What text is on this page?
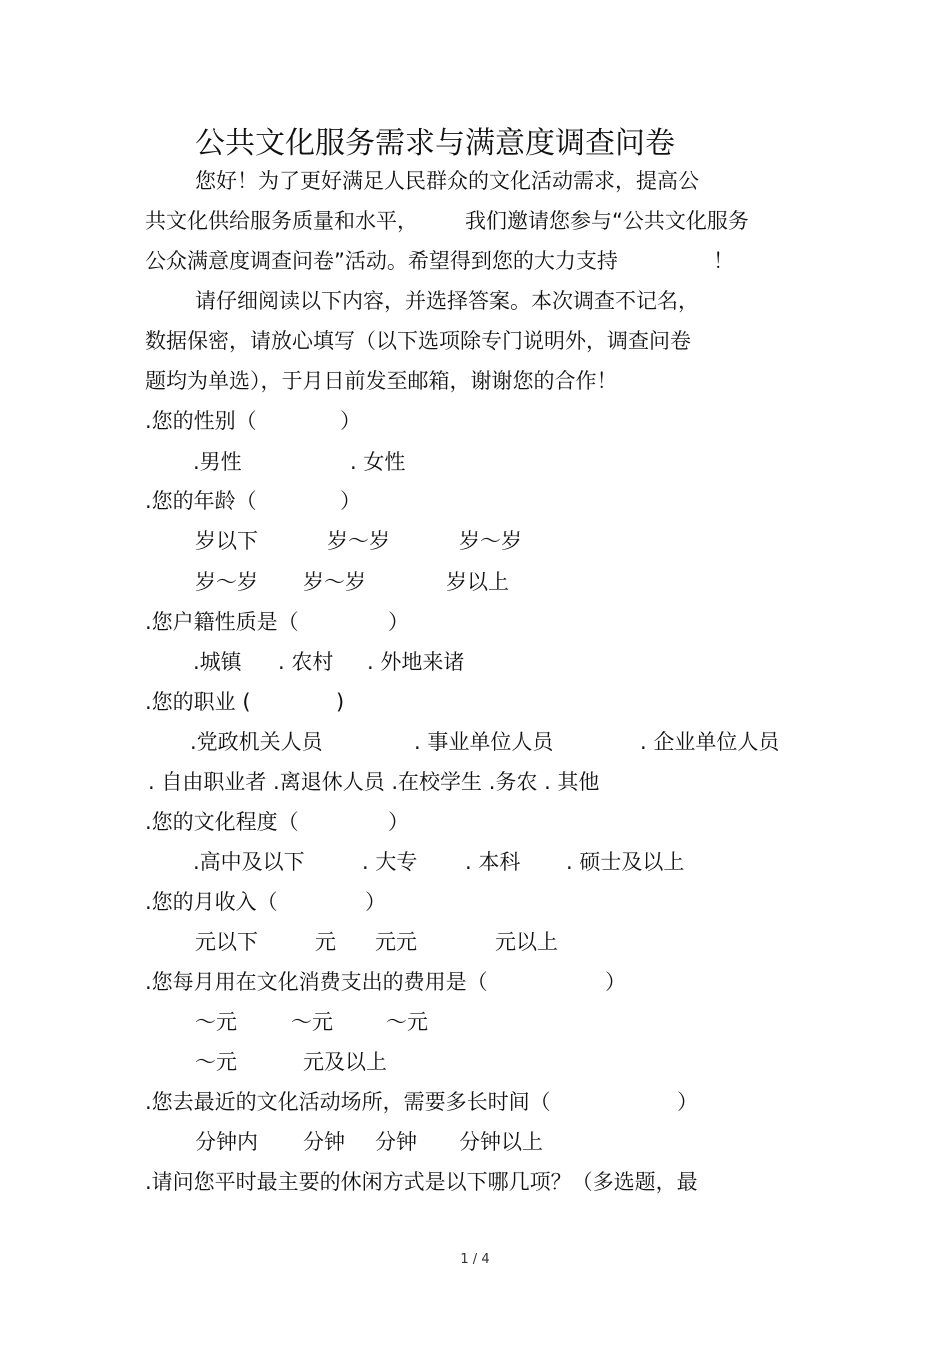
公共文化服务需求与满意度调查问卷
您好！为了更好满足人民群众的文化活动需求，提高公
共文化供给服务质量和水平， 我们邀请您参与“公共文化服务
公众满意度调查问卷”活动。希望得到您的大力支持	！
请仔细阅读以下内容，并选择答案。本次调查不记名，
数据保密，请放心填写（以下选项除专门说明外，调查问卷
题均为单选），于月日前发至邮箱，谢谢您的合作！
.您的性别（	）
.男性	. 女性
.您的年龄（	）
岁以下	岁～岁	岁～岁
岁～岁 岁～岁	岁以上
.您户籍性质是（	）
.城镇 . 农村 . 外地来诸
.您的职业 (	)
.党政机关人员	. 事业单位人员	. 企业单位人员
. 自由职业者 .离退休人员 .在校学生 .务农 . 其他
.您的文化程度（	）
.高中及以下	. 大专 . 本科 . 硕士及以上
.您的月收入（	）
元以下	元 元元	元以上
.您每月用在文化消费支出的费用是（	）
～元	～元	～元
～元	元及以上
.您去最近的文化活动场所，需要多长时间（	）
分钟内 分钟 分钟 分钟以上
.请问您平时最主要的休闲方式是以下哪几项？（多选题，最
1 / 4
